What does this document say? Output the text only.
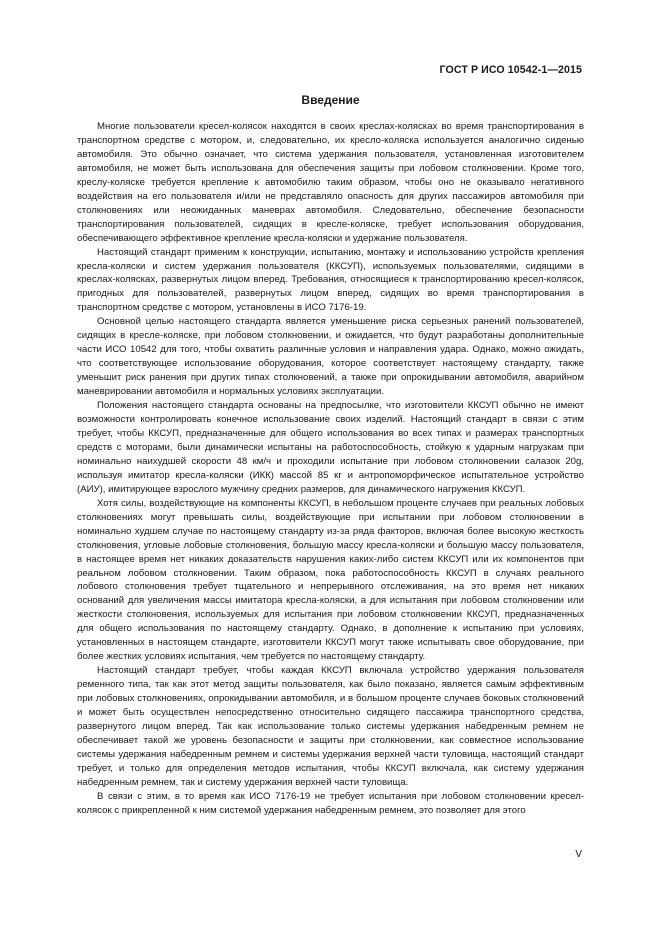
ГОСТ Р ИСО 10542-1—2015
Введение

Многие пользователи кресел-колясок находятся в своих креслах-колясках во время транспортирования в транспортном средстве с мотором, и, следовательно, их кресло-коляска используется аналогично сиденью автомобиля. Это обычно означает, что система удержания пользователя, установленная изготовителем автомобиля, не может быть использована для обеспечения защиты при лобовом столкновении. Кроме того, креслу-коляске требуется крепление к автомобилю таким образом, чтобы оно не оказывало негативного воздействия на его пользователя и/или не представляло опасность для других пассажиров автомобиля при столкновениях или неожиданных маневрах автомобиля. Следовательно, обеспечение безопасности транспортирования пользователей, сидящих в кресле-коляске, требует использования оборудования, обеспечивающего эффективное крепление кресла-коляски и удержание пользователя.

Настоящий стандарт применим к конструкции, испытанию, монтажу и использованию устройств крепления кресла-коляски и систем удержания пользователя (ККСУП), используемых пользователями, сидящими в креслах-колясках, развернутых лицом вперед. Требования, относящиеся к транспортированию кресел-колясок, пригодных для пользователей, развернутых лицом вперед, сидящих во время транспортирования в транспортном средстве с мотором, установлены в ИСО 7176-19.

Основной целью настоящего стандарта является уменьшение риска серьезных ранений пользователей, сидящих в кресле-коляске, при лобовом столкновении, и ожидается, что будут разработаны дополнительные части ИСО 10542 для того, чтобы охватить различные условия и направления удара. Однако, можно ожидать, что соответствующее использование оборудования, которое соответствует настоящему стандарту, также уменьшит риск ранения при других типах столкновений, а также при опрокидывании автомобиля, аварийном маневрировании автомобиля и нормальных условиях эксплуатации.

Положения настоящего стандарта основаны на предпосылке, что изготовители ККСУП обычно не имеют возможности контролировать конечное использование своих изделий. Настоящий стандарт в связи с этим требует, чтобы ККСУП, предназначенные для общего использования во всех типах и размерах транспортных средств с моторами, были динамически испытаны на работоспособность, стойкую к ударным нагрузкам при номинально наихудшей скорости 48 км/ч и проходили испытание при лобовом столкновении салазок 20g, используя имитатор кресла-коляски (ИКК) массой 85 кг и антропоморфическое испытательное устройство (АИУ), имитирующее взрослого мужчину средних размеров, для динамического нагружения ККСУП.

Хотя силы, воздействующие на компоненты ККСУП, в небольшом проценте случаев при реальных лобовых столкновениях могут превышать силы, воздействующие при испытании при лобовом столкновении в номинально худшем случае по настоящему стандарту из-за ряда факторов, включая более высокую жесткость столкновения, угловые лобовые столкновения, большую массу кресла-коляски и большую массу пользователя, в настоящее время нет никаких доказательств нарушения каких-либо систем ККСУП или их компонентов при реальном лобовом столкновении. Таким образом, пока работоспособность ККСУП в случаях реального лобового столкновения требует тщательного и непрерывного отслеживания, на это время нет никаких оснований для увеличения массы имитатора кресла-коляски, а для испытания при лобовом столкновении или жесткости столкновения, используемых для испытания при лобовом столкновении ККСУП, предназначенных для общего использования по настоящему стандарту. Однако, в дополнение к испытанию при условиях, установленных в настоящем стандарте, изготовители ККСУП могут также испытывать свое оборудование, при более жестких условиях испытания, чем требуется по настоящему стандарту.

Настоящий стандарт требует, чтобы каждая ККСУП включала устройство удержания пользователя ременного типа, так как этот метод защиты пользователя, как было показано, является самым эффективным при лобовых столкновениях, опрокидывании автомобиля, и в большом проценте случаев боковых столкновений и может быть осуществлен непосредственно относительно сидящего пассажира транспортного средства, развернутого лицом вперед. Так как использование только системы удержания набедренным ремнем не обеспечивает такой же уровень безопасности и защиты при столкновении, как совместное использование системы удержания набедренным ремнем и системы удержания верхней части туловища, настоящий стандарт требует, и только для определения методов испытания, чтобы ККСУП включала, как систему удержания набедренным ремнем, так и систему удержания верхней части туловища.

В связи с этим, в то время как ИСО 7176-19 не требует испытания при лобовом столкновении кресел-колясок с прикрепленной к ним системой удержания набедренным ремнем, это позволяет для этого

V
